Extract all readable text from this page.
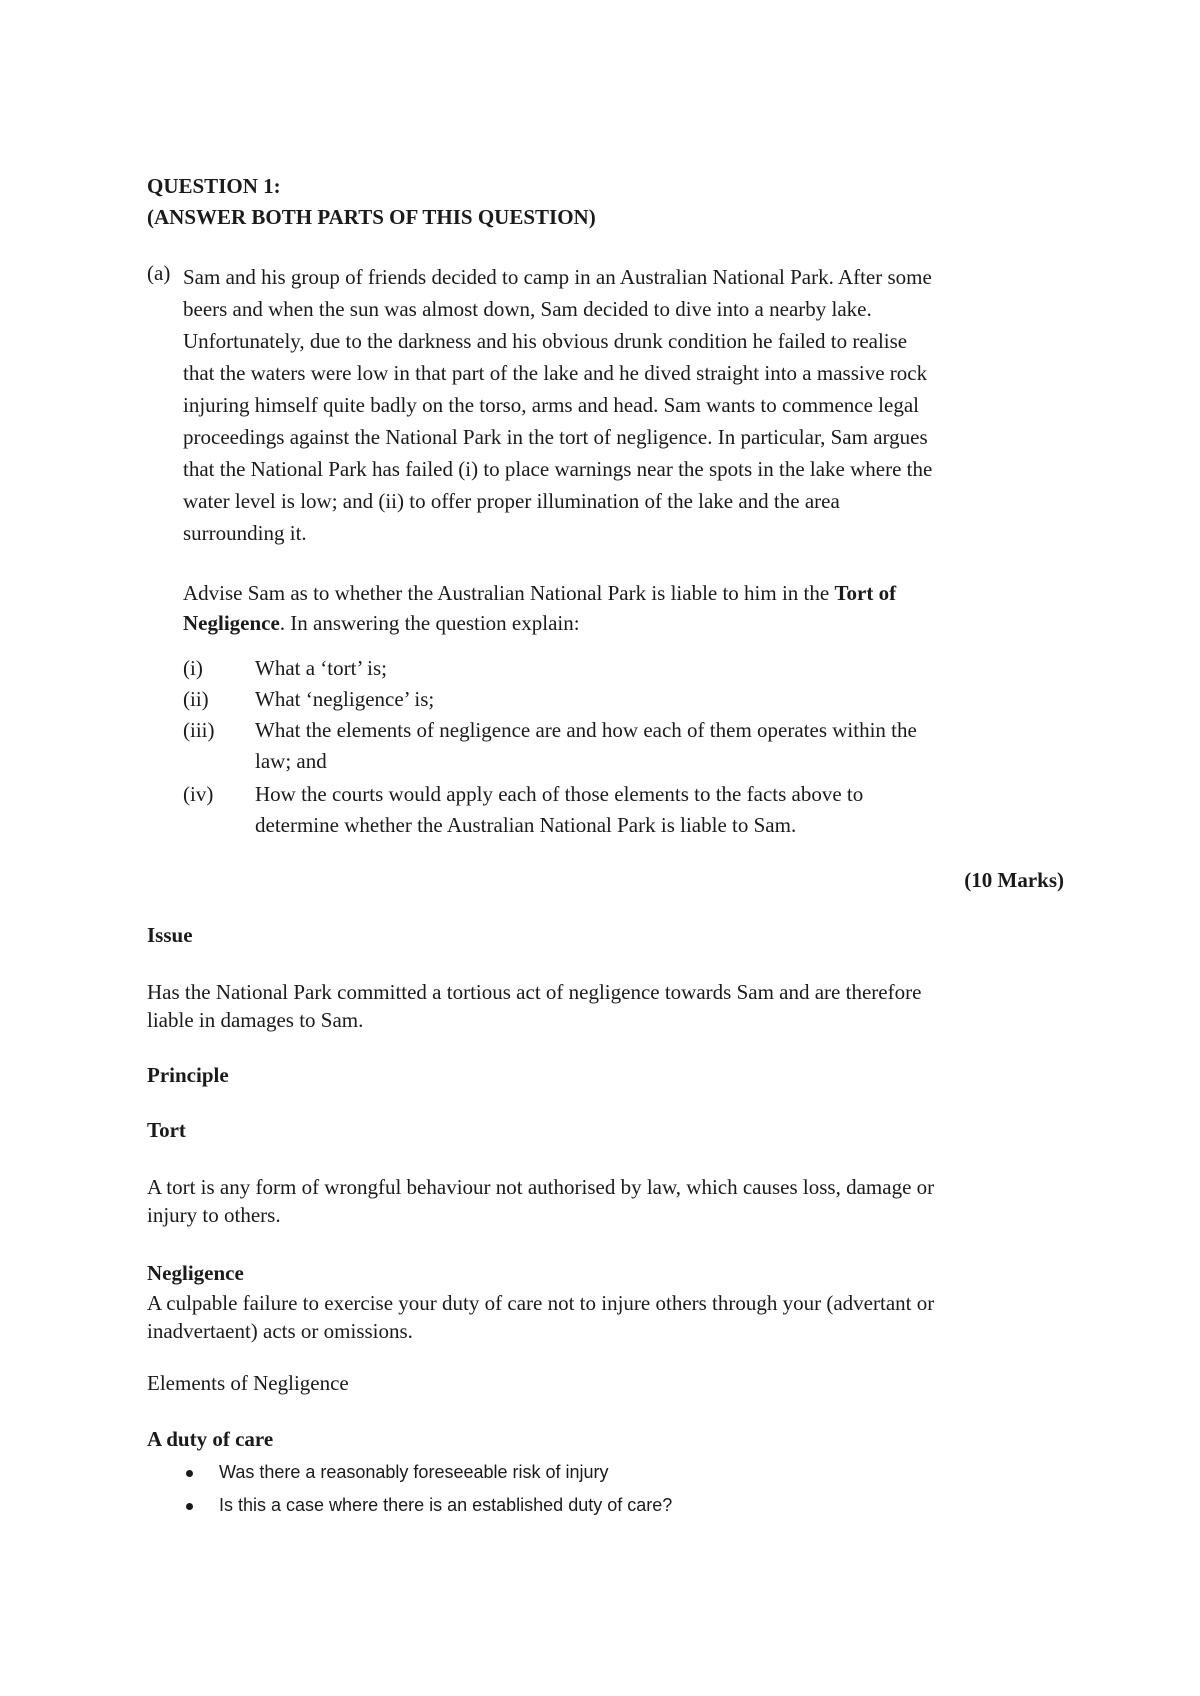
QUESTION 1:
(ANSWER BOTH PARTS OF THIS QUESTION)
(a) Sam and his group of friends decided to camp in an Australian National Park. After some
beers and when the sun was almost down, Sam decided to dive into a nearby lake.
Unfortunately, due to the darkness and his obvious drunk condition he failed to realise
that the waters were low in that part of the lake and he dived straight into a massive rock
injuring himself quite badly on the torso, arms and head. Sam wants to commence legal
proceedings against the National Park in the tort of negligence. In particular, Sam argues
that the National Park has failed (i) to place warnings near the spots in the lake where the
water level is low; and (ii) to offer proper illumination of the lake and the area
surrounding it.
Advise Sam as to whether the Australian National Park is liable to him in the Tort of
Negligence. In answering the question explain:
(i)	What a ‘tort’ is;
(ii)	What ‘negligence’ is;
(iii)	What the elements of negligence are and how each of them operates within the
law; and
(iv)	How the courts would apply each of those elements to the facts above to
determine whether the Australian National Park is liable to Sam.
(10 Marks)
Issue
Has the National Park committed a tortious act of negligence towards Sam and are therefore
liable in damages to Sam.
Principle
Tort
A tort is any form of wrongful behaviour not authorised by law, which causes loss, damage or
injury to others.
Negligence
A culpable failure to exercise your duty of care not to injure others through your (advertant or
inadvertaent) acts or omissions.
Elements of Negligence
A duty of care
Was there a reasonably foreseeable risk of injury
Is this a case where there is an established duty of care?
